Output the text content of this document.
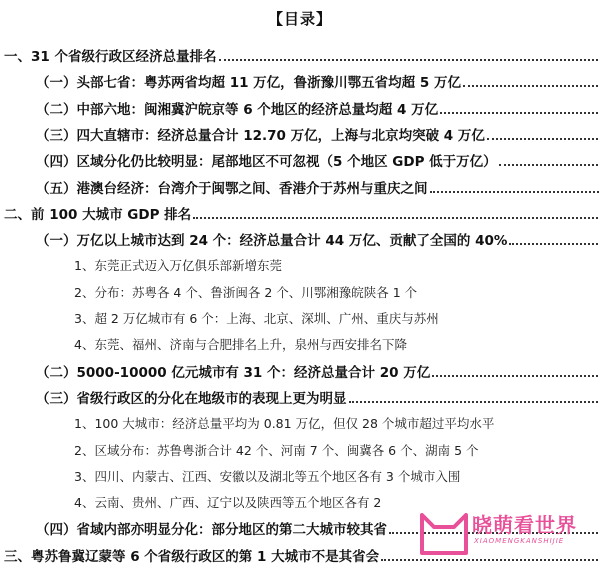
【目录】
一、31 个省级行政区经济总量排名
（一）头部七省：粤苏两省均超 11 万亿，鲁浙豫川鄂五省均超 5 万亿
（二）中部六地：闽湘冀沪皖京等 6 个地区的经济总量均超 4 万亿
（三）四大直辖市：经济总量合计 12.70 万亿，上海与北京均突破 4 万亿
（四）区域分化仍比较明显：尾部地区不可忽视（5 个地区 GDP 低于万亿）
（五）港澳台经济：台湾介于闽鄂之间、香港介于苏州与重庆之间
二、前 100 大城市 GDP 排名
（一）万亿以上城市达到 24 个：经济总量合计 44 万亿、贡献了全国的 40%
1、东莞正式迈入万亿俱乐部新增东莞
2、分布：苏粤各 4 个、鲁浙闽各 2 个、川鄂湘豫皖陕各 1 个
3、超 2 万亿城市有 6 个：上海、北京、深圳、广州、重庆与苏州
4、东莞、福州、济南与合肥排名上升，泉州与西安排名下降
（二）5000-10000 亿元城市有 31 个：经济总量合计 20 万亿
（三）省级行政区的分化在地级市的表现上更为明显
1、100 大城市：经济总量平均为 0.81 万亿，但仅 28 个城市超过平均水平
2、区域分布：苏鲁粤浙合计 42 个、河南 7 个、闽冀各 6 个、湖南 5 个
3、四川、内蒙古、江西、安徽以及湖北等五个地区各有 3 个城市入围
4、云南、贵州、广西、辽宁以及陕西等五个地区各有 2
（四）省域内部亦明显分化：部分地区的第二大城市较其省
三、粤苏鲁冀辽蒙等 6 个省级行政区的第 1 大城市不是其省会
晓萌看世界
XIAOMENGKANSHIJIE
